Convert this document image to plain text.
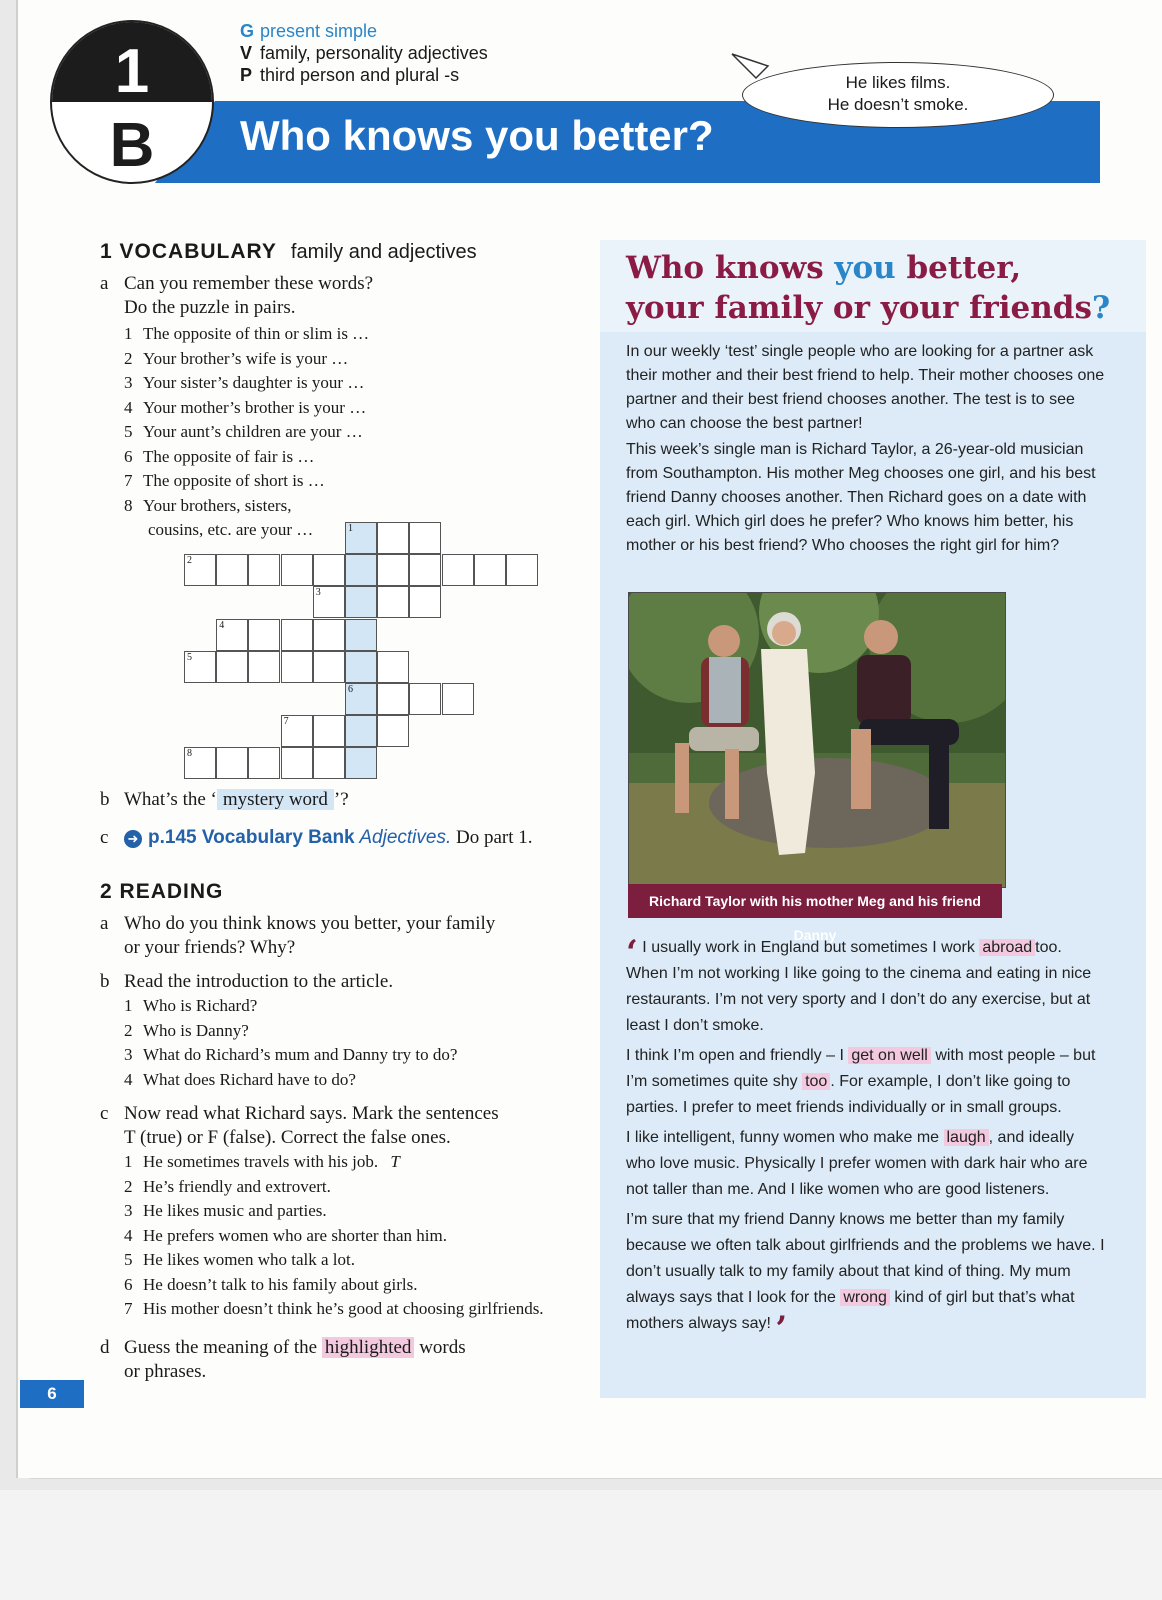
1
B
G present simple
V family, personality adjectives
P third person and plural -s
Who knows you better?
He likes films.
He doesn’t smoke.
1 VOCABULARY family and adjectives
a Can you remember these words?
Do the puzzle in pairs.
1 The opposite of thin or slim is …
2 Your brother’s wife is your …
3 Your sister’s daughter is your …
4 Your mother’s brother is your …
5 Your aunt’s children are your …
6 The opposite of fair is …
7 The opposite of short is …
8 Your brothers, sisters,
cousins, etc. are your …	1
2
3
4
5
6
7
8
b What’s the ‘ mystery word ’?
c ➜ p.145 Vocabulary Bank Adjectives. Do part 1.
2 READING
a Who do you think knows you better, your family
or your friends? Why?
b Read the introduction to the article.
1 Who is Richard?
2 Who is Danny?
3 What do Richard’s mum and Danny try to do?
4 What does Richard have to do?
c Now read what Richard says. Mark the sentences
T (true) or F (false). Correct the false ones.
1 He sometimes travels with his job. T
2 He’s friendly and extrovert.
3 He likes music and parties.
4 He prefers women who are shorter than him.
5 He likes women who talk a lot.
6 He doesn’t talk to his family about girls.
7 His mother doesn’t think he’s good at choosing girlfriends.
d Guess the meaning of the highlighted words
or phrases.
6
Who knows you better,
your family or your friends?

In our weekly ‘test’ single people who are looking for a partner ask their mother and their best friend to help. Their mother chooses one partner and their best friend chooses another. The test is to see who can choose the best partner!

This week’s single man is Richard Taylor, a 26-year-old musician from Southampton. His mother Meg chooses one girl, and his best friend Danny chooses another. Then Richard goes on a date with each girl. Which girl does he prefer? Who knows him better, his mother or his best friend? Who chooses the right girl for him?

Richard Taylor with his mother Meg and his friend Danny

‘ I usually work in England but sometimes I work abroad too. When I’m not working I like going to the cinema and eating in nice restaurants. I’m not very sporty and I don’t do any exercise, but at least I don’t smoke.

I think I’m open and friendly – I get on well with most people – but I’m sometimes quite shy too . For example, I don’t like going to parties. I prefer to meet friends individually or in small groups.

I like intelligent, funny women who make me laugh , and ideally who love music. Physically I prefer women with dark hair who are not taller than me. And I like women who are good listeners.

I’m sure that my friend Danny knows me better than my family because we often talk about girlfriends and the problems we have. I don’t usually talk to my family about that kind of thing. My mum always says that I look for the wrong kind of girl but that’s what mothers always say! ’
